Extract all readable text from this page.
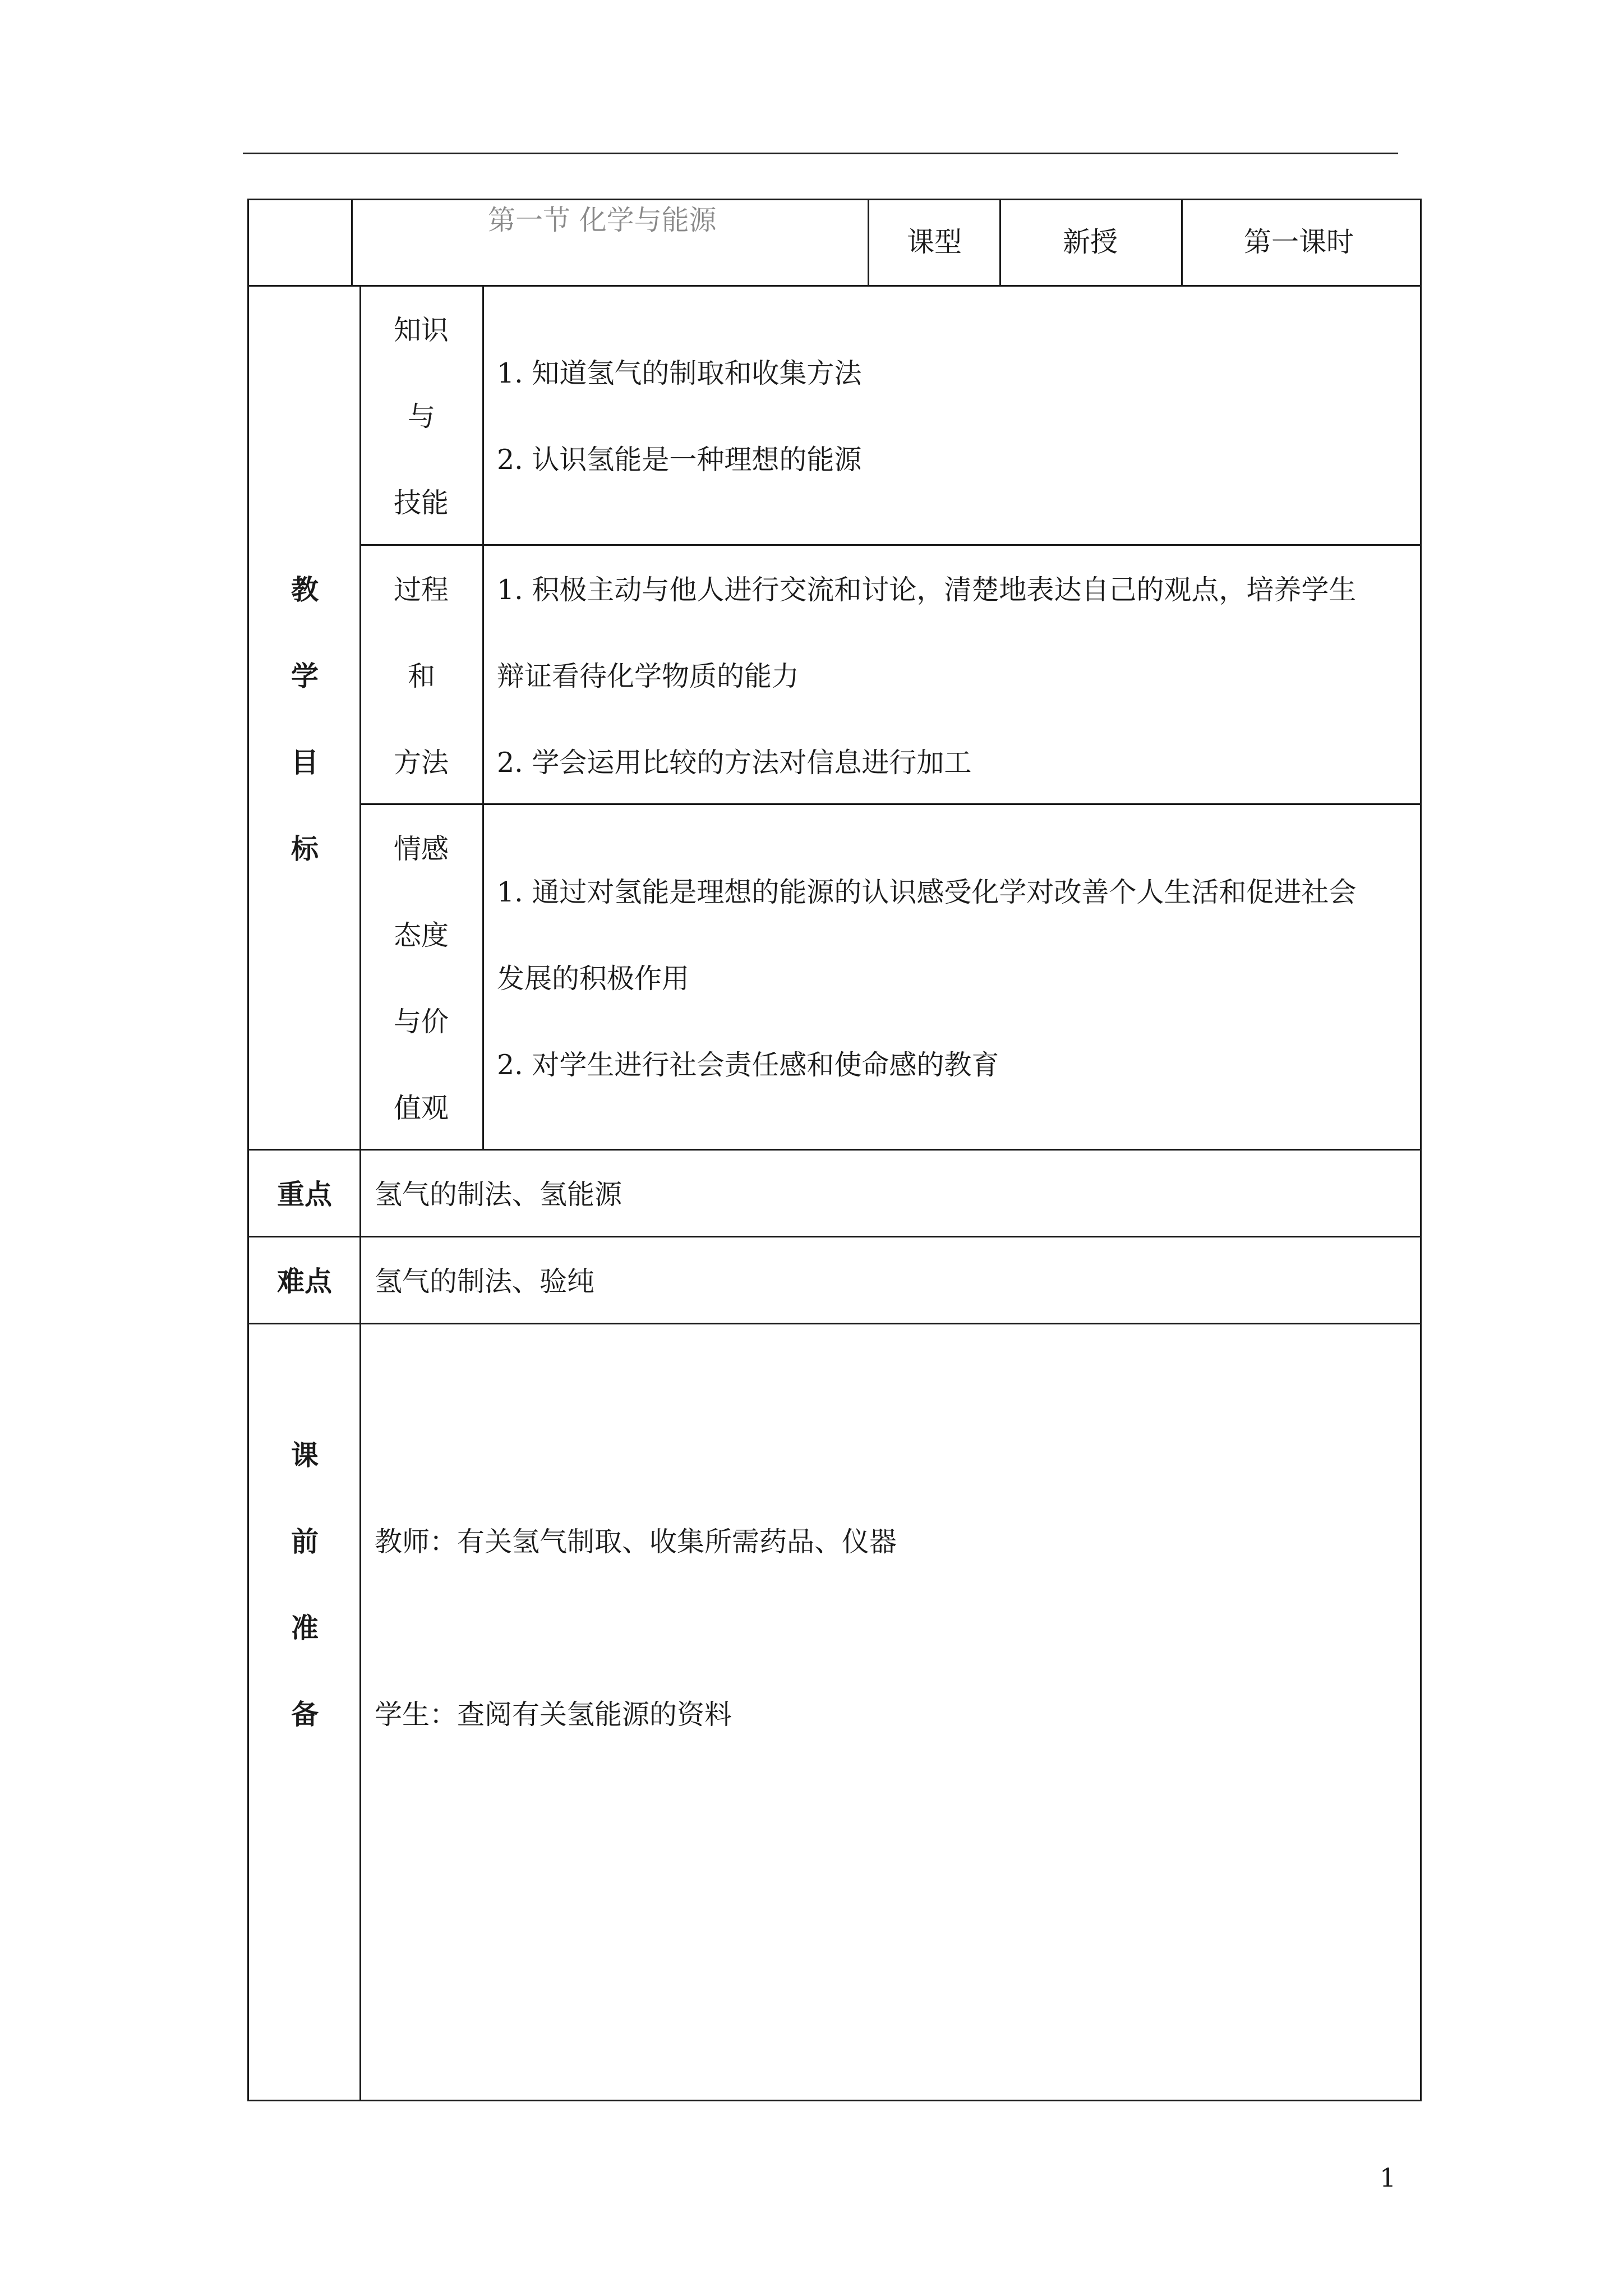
第一节 化学与能源
课型	新授	第一课时
教
学
目
标
知识
与
技能
1. 知道氢气的制取和收集方法
2. 认识氢能是一种理想的能源
过程
和
方法
1. 积极主动与他人进行交流和讨论，清楚地表达自己的观点，培养学生
辩证看待化学物质的能力
2. 学会运用比较的方法对信息进行加工
情感
态度
与价
值观
1. 通过对氢能是理想的能源的认识感受化学对改善个人生活和促进社会
发展的积极作用
2. 对学生进行社会责任感和使命感的教育
重点 氢气的制法、氢能源
难点 氢气的制法、验纯
课
前
准
备
教师：有关氢气制取、收集所需药品、仪器
学生：查阅有关氢能源的资料
1
